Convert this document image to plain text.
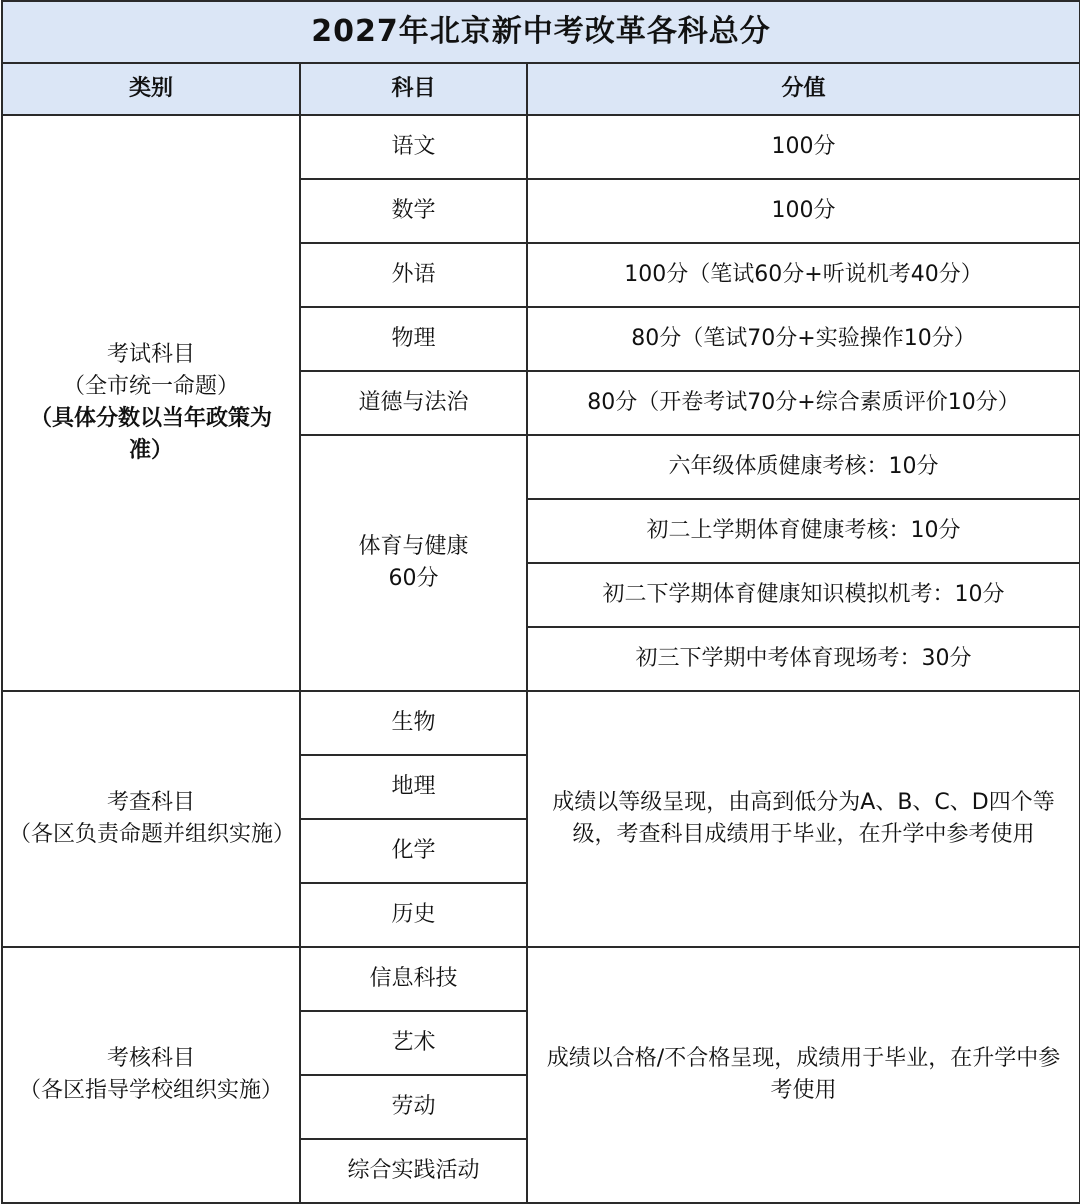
2027年北京新中考改革各科总分		
类别	科目	分值

考试科目
（全市统一命题）
（具体分数以当年政策为准）	语文	100分
	数学	100分
	外语	100分（笔试60分+听说机考40分）
	物理	80分（笔试70分+实验操作10分）
	道德与法治	80分（开卷考试70分+综合素质评价10分）

	体育与健康
60分	六年级体质健康考核：10分
		初二上学期体育健康考核：10分
		初二下学期体育健康知识模拟机考：10分
		初三下学期中考体育现场考：30分

考查科目
（各区负责命题并组织实施）	生物	成绩以等级呈现，由高到低分为A、B、C、D四个等级，考查科目成绩用于毕业，在升学中参考使用
	地理	
	化学	
	历史	

考核科目
（各区指导学校组织实施）	信息科技	成绩以合格/不合格呈现，成绩用于毕业，在升学中参考使用
	艺术	
	劳动	
	综合实践活动	
